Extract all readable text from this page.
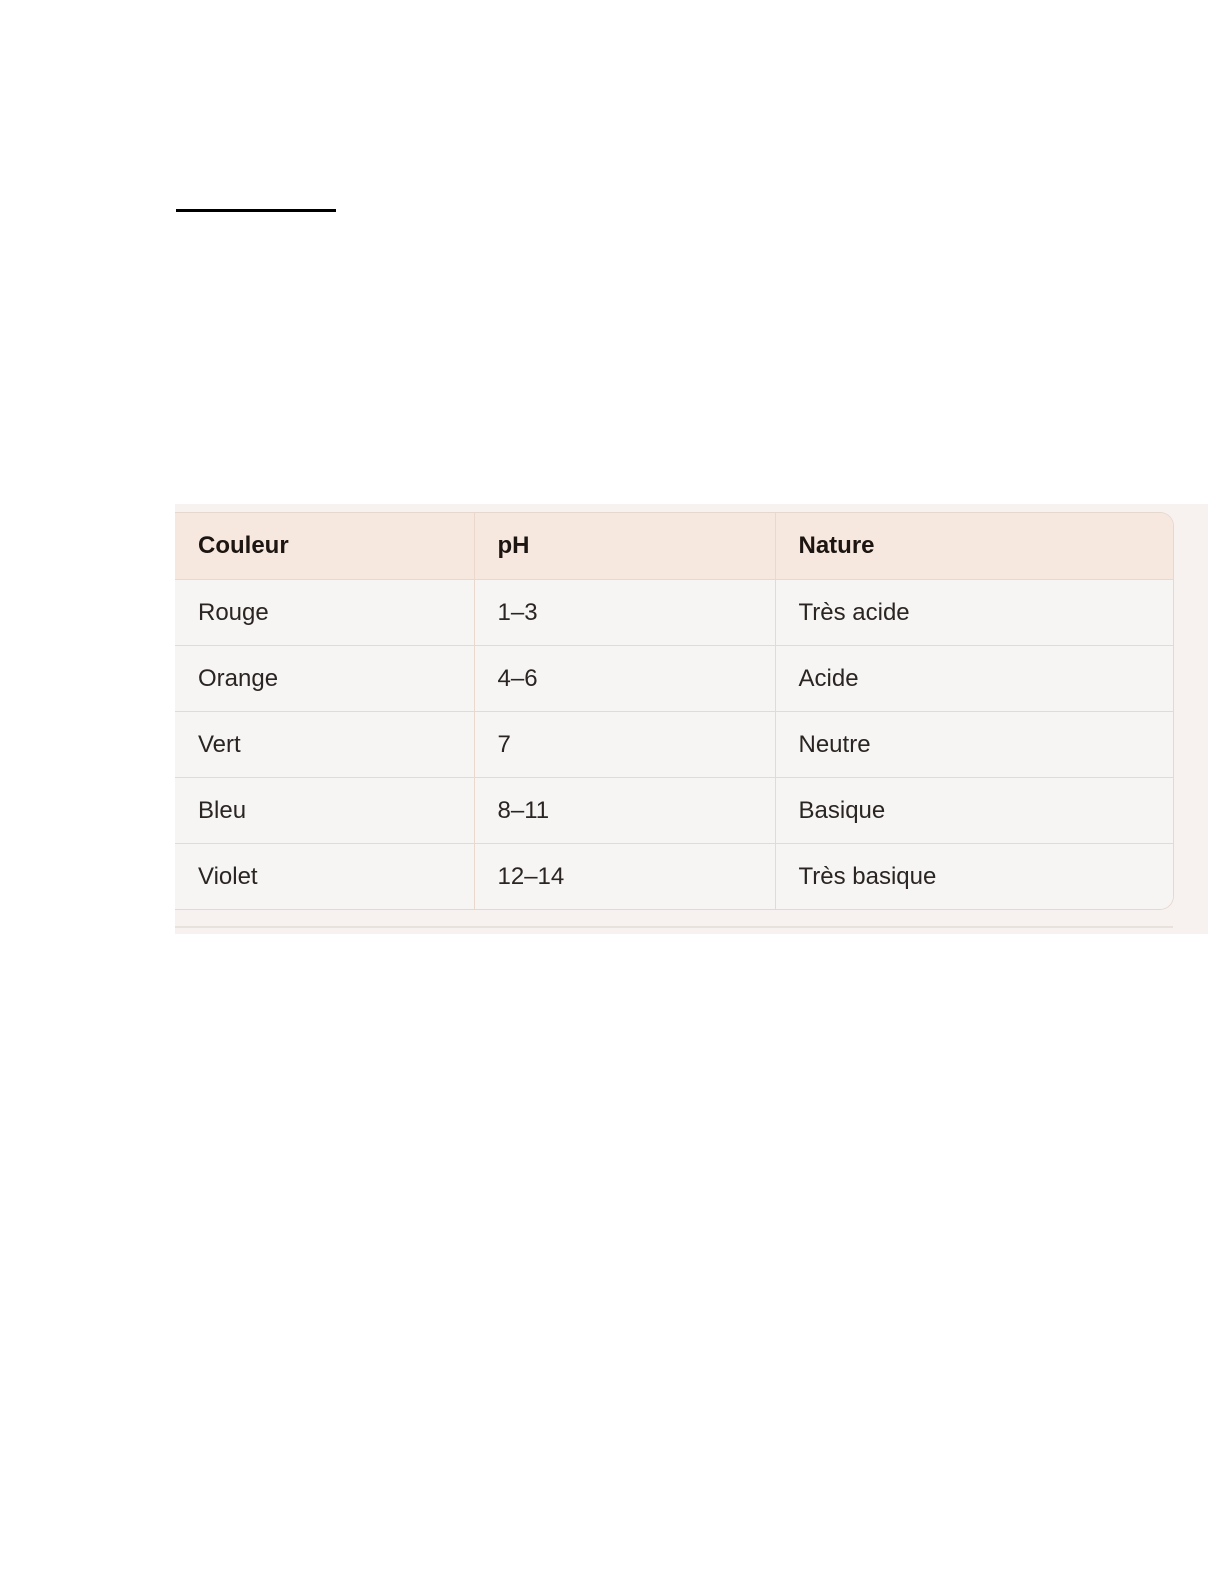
Couleur	pH	Nature
Rouge	1–3	Très acide
Orange	4–6	Acide
Vert	7	Neutre
Bleu	8–11	Basique
Violet	12–14	Très basique
